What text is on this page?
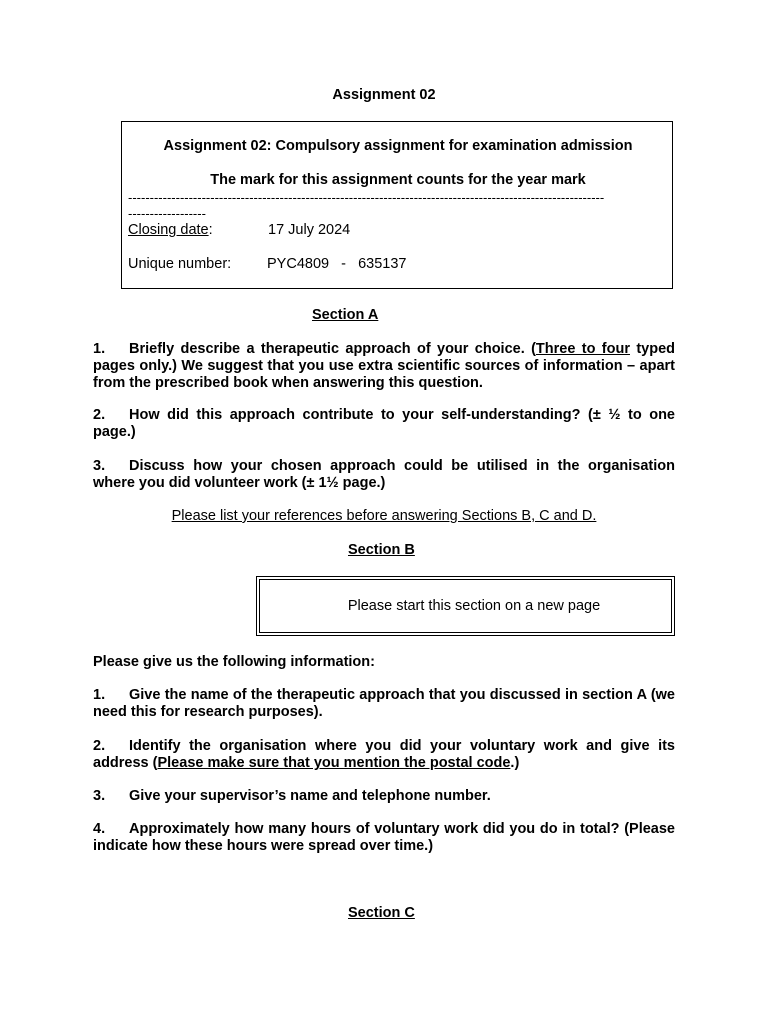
Assignment 02
Assignment 02: Compulsory assignment for examination admission
The mark for this assignment counts for the year mark
--------------------------------------------------------------------------------------------------------------
------------------
Closing date:	17 July 2024
Unique number: PYC4809   -   635137
Section A
1. Briefly describe a therapeutic approach of your choice. (Three to four typed pages only.) We suggest that you use extra scientific sources of information – apart from the prescribed book when answering this question.
2. How did this approach contribute to your self-understanding? (± ½ to one page.)
3. Discuss how your chosen approach could be utilised in the organisation where you did volunteer work (± 1½ page.)
Please list your references before answering Sections B, C and D.
Section B
Please start this section on a new page
Please give us the following information:
1. Give the name of the therapeutic approach that you discussed in section A (we need this for research purposes).
2. Identify the organisation where you did your voluntary work and give its address (Please make sure that you mention the postal code.)
3. Give your supervisor’s name and telephone number.
4. Approximately how many hours of voluntary work did you do in total? (Please indicate how these hours were spread over time.)
Section C
